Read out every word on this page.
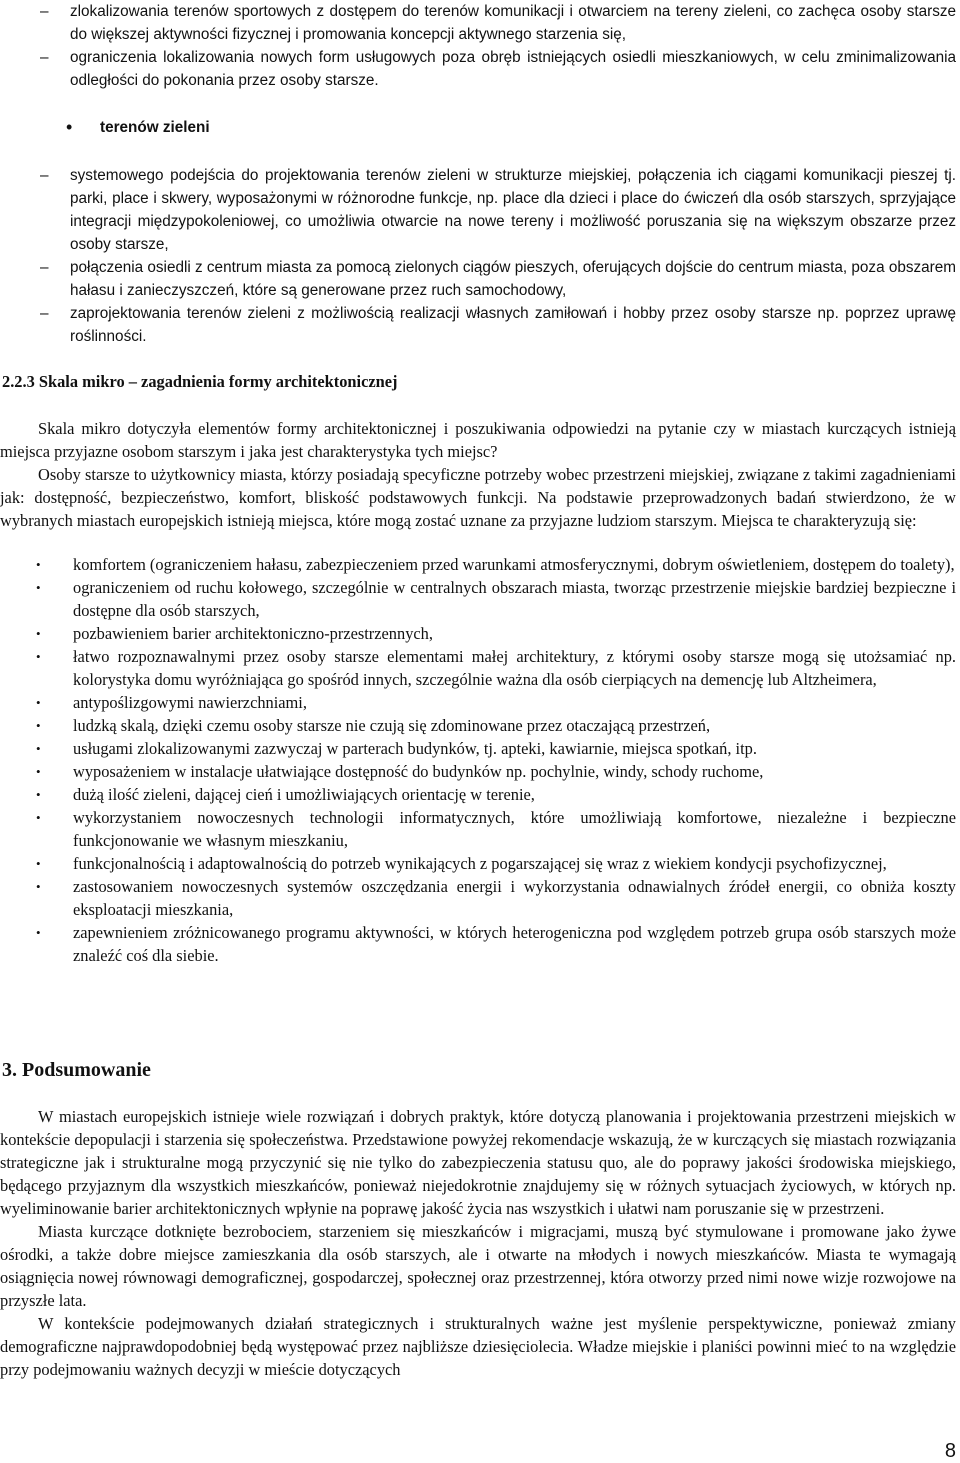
– zlokalizowania terenów sportowych z dostępem do terenów komunikacji i otwarciem na tereny zieleni, co zachęca osoby starsze do większej aktywności fizycznej i promowania koncepcji aktywnego starzenia się,
– ograniczenia lokalizowania nowych form usługowych poza obręb istniejących osiedli mieszkaniowych, w celu zminimalizowania odległości do pokonania przez osoby starsze.
• terenów zieleni
– systemowego podejścia do projektowania terenów zieleni w strukturze miejskiej, połączenia ich ciągami komunikacji pieszej tj. parki, place i skwery, wyposażonymi w różnorodne funkcje, np. place dla dzieci i place do ćwiczeń dla osób starszych, sprzyjające integracji międzypokoleniowej, co umożliwia otwarcie na nowe tereny i możliwość poruszania się na większym obszarze przez osoby starsze,
– połączenia osiedli z centrum miasta za pomocą zielonych ciągów pieszych, oferujących dojście do centrum miasta, poza obszarem hałasu i zanieczyszczeń, które są generowane przez ruch samochodowy,
– zaprojektowania terenów zieleni z możliwością realizacji własnych zamiłowań i hobby przez osoby starsze np. poprzez uprawę roślinności.
2.2.3 Skala mikro – zagadnienia formy architektonicznej
Skala mikro dotyczyła elementów formy architektonicznej i poszukiwania odpowiedzi na pytanie czy w miastach kurczących istnieją miejsca przyjazne osobom starszym i jaka jest charakterystyka tych miejsc?
Osoby starsze to użytkownicy miasta, którzy posiadają specyficzne potrzeby wobec przestrzeni miejskiej, związane z takimi zagadnieniami jak: dostępność, bezpieczeństwo, komfort, bliskość podstawowych funkcji. Na podstawie przeprowadzonych badań stwierdzono, że w wybranych miastach europejskich istnieją miejsca, które mogą zostać uznane za przyjazne ludziom starszym. Miejsca te charakteryzują się:
• komfortem (ograniczeniem hałasu, zabezpieczeniem przed warunkami atmosferycznymi, dobrym oświetleniem, dostępem do toalety),
• ograniczeniem od ruchu kołowego, szczególnie w centralnych obszarach miasta, tworząc przestrzenie miejskie bardziej bezpieczne i dostępne dla osób starszych,
• pozbawieniem barier architektoniczno-przestrzennych,
• łatwo rozpoznawalnymi przez osoby starsze elementami małej architektury, z którymi osoby starsze mogą się utożsamiać np. kolorystyka domu wyróżniająca go spośród innych, szczególnie ważna dla osób cierpiących na demencję lub Altzheimera,
• antypoślizgowymi nawierzchniami,
• ludzką skalą, dzięki czemu osoby starsze nie czują się zdominowane przez otaczającą przestrzeń,
• usługami zlokalizowanymi zazwyczaj w parterach budynków, tj. apteki, kawiarnie, miejsca spotkań, itp.
• wyposażeniem w instalacje ułatwiające dostępność do budynków np. pochylnie, windy, schody ruchome,
• dużą ilość zieleni, dającej cień i umożliwiających orientację w terenie,
• wykorzystaniem nowoczesnych technologii informatycznych, które umożliwiają komfortowe, niezależne i bezpieczne funkcjonowanie we własnym mieszkaniu,
• funkcjonalnością i adaptowalnością do potrzeb wynikających z pogarszającej się wraz z wiekiem kondycji psychofizycznej,
• zastosowaniem nowoczesnych systemów oszczędzania energii i wykorzystania odnawialnych źródeł energii, co obniża koszty eksploatacji mieszkania,
• zapewnieniem zróżnicowanego programu aktywności, w których heterogeniczna pod względem potrzeb grupa osób starszych może znaleźć coś dla siebie.
3. Podsumowanie
W miastach europejskich istnieje wiele rozwiązań i dobrych praktyk, które dotyczą planowania i projektowania przestrzeni miejskich w kontekście depopulacji i starzenia się społeczeństwa. Przedstawione powyżej rekomendacje wskazują, że w kurczących się miastach rozwiązania strategiczne jak i strukturalne mogą przyczynić się nie tylko do zabezpieczenia statusu quo, ale do poprawy jakości środowiska miejskiego, będącego przyjaznym dla wszystkich mieszkańców, ponieważ niejedokrotnie znajdujemy się w różnych sytuacjach życiowych, w których np. wyeliminowanie barier architektonicznych wpłynie na poprawę jakość życia nas wszystkich i ułatwi nam poruszanie się w przestrzeni.
Miasta kurczące dotknięte bezrobociem, starzeniem się mieszkańców i migracjami, muszą być stymulowane i promowane jako żywe ośrodki, a także dobre miejsce zamieszkania dla osób starszych, ale i otwarte na młodych i nowych mieszkańców. Miasta te wymagają osiągnięcia nowej równowagi demograficznej, gospodarczej, społecznej oraz przestrzennej, która otworzy przed nimi nowe wizje rozwojowe na przyszłe lata.
W kontekście podejmowanych działań strategicznych i strukturalnych ważne jest myślenie perspektywiczne, ponieważ zmiany demograficzne najprawdopodobniej będą występować przez najbliższe dziesięciolecia. Władze miejskie i planiści powinni mieć to na względzie przy podejmowaniu ważnych decyzji w mieście dotyczących
8
